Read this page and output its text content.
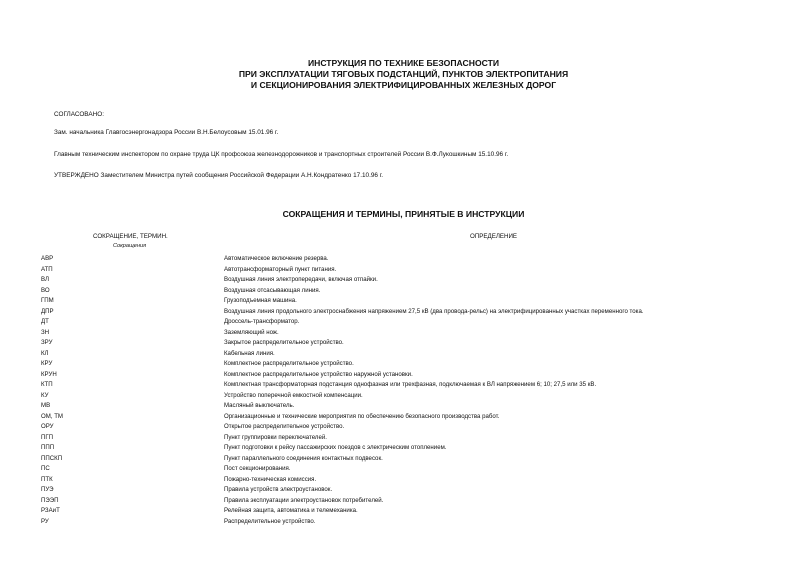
ИНСТРУКЦИЯ ПО ТЕХНИКЕ БЕЗОПАСНОСТИ
ПРИ ЭКСПЛУАТАЦИИ ТЯГОВЫХ ПОДСТАНЦИЙ, ПУНКТОВ ЭЛЕКТРОПИТАНИЯ
И СЕКЦИОНИРОВАНИЯ ЭЛЕКТРИФИЦИРОВАННЫХ ЖЕЛЕЗНЫХ ДОРОГ
СОГЛАСОВАНО:
Зам. начальника Главгосэнергонадзора России В.Н.Белоусовым 15.01.96 г.
Главным техническим инспектором по охране труда ЦК профсоюза железнодорожников и транспортных строителей России В.Ф.Лукошкиным 15.10.96 г.
УТВЕРЖДЕНО Заместителем Министра путей сообщения Российской Федерации А.Н.Кондратенко 17.10.96 г.
СОКРАЩЕНИЯ И ТЕРМИНЫ, ПРИНЯТЫЕ В ИНСТРУКЦИИ
СОКРАЩЕНИЕ, ТЕРМИН.	ОПРЕДЕЛЕНИЕ
Сокращения
АВР	Автоматическое включение резерва.
АТП	Автотрансформаторный пункт питания.
ВЛ	Воздушная линия электропередачи, включая отпайки.
ВО	Воздушная отсасывающая линия.
ГПМ	Грузоподъемная машина.
ДПР	Воздушная линия продольного электроснабжения напряжением 27,5 кВ (два провода-рельс) на электрифицированных участках переменного тока.
ДТ	Дроссель-трансформатор.
ЗН	Заземляющий нож.
ЗРУ	Закрытое распределительное устройство.
КЛ	Кабельная линия.
КРУ	Комплектное распределительное устройство.
КРУН	Комплектное распределительное устройство наружной установки.
КТП	Комплектная трансформаторная подстанция однофазная или трехфазная, подключаемая к ВЛ напряжением 6; 10; 27,5 или 35 кВ.
КУ	Устройство поперечной емкостной компенсации.
МВ	Масляный выключатель.
ОМ, ТМ	Организационные и технические мероприятия по обеспечению безопасного производства работ.
ОРУ	Открытое распределительное устройство.
ПГП	Пункт группировки переключателей.
ППП	Пункт подготовки к рейсу пассажирских поездов с электрическим отоплением.
ППСКП	Пункт параллельного соединения контактных подвесок.
ПС	Пост секционирования.
ПТК	Пожарно-техническая комиссия.
ПУЭ	Правила устройств электроустановок.
ПЭЭП	Правила эксплуатации электроустановок потребителей.
РЗАиТ	Релейная защита, автоматика и телемеханика.
РУ	Распределительное устройство.
